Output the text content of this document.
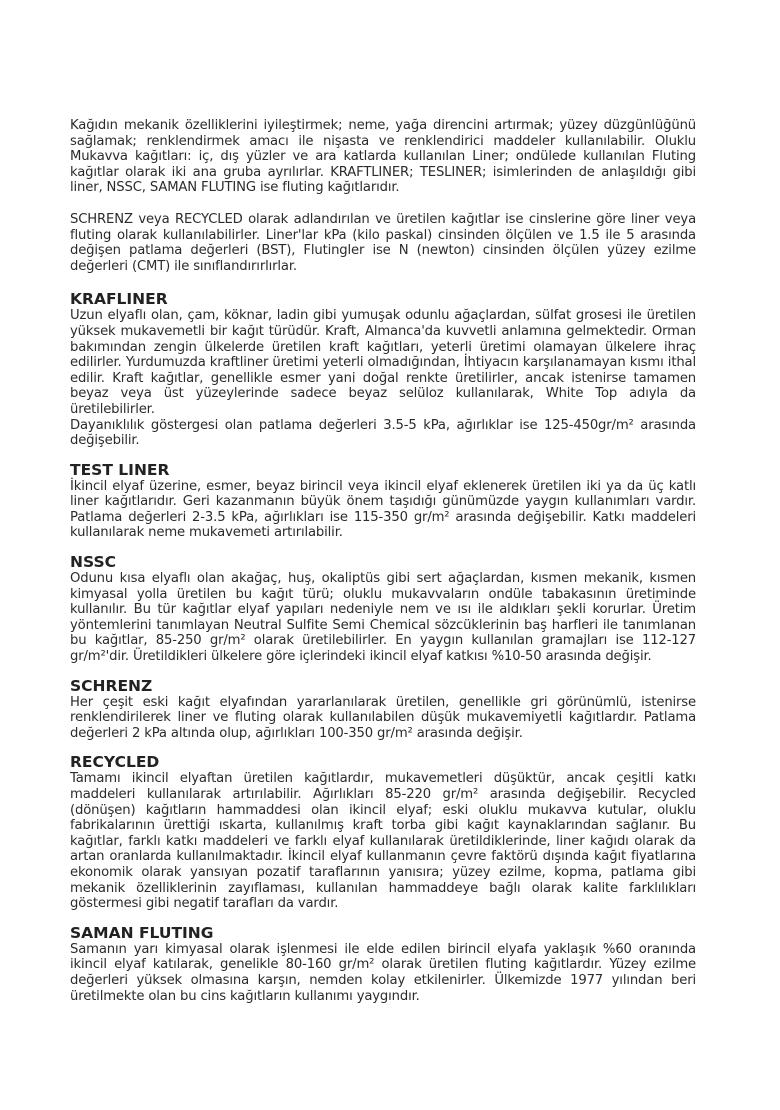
Kağıdın mekanik özelliklerini iyileştirmek; neme, yağa direncini artırmak; yüzey düzgünlüğünü sağlamak; renklendirmek amacı ile nişasta ve renklendirici maddeler kullanılabilir. Oluklu Mukavva kağıtları: iç, dış yüzler ve ara katlarda kullanılan Liner; ondülede kullanılan Fluting kağıtlar olarak iki ana gruba ayrılırlar. KRAFTLINER; TESLINER; isimlerinden de anlaşıldığı gibi liner, NSSC, SAMAN FLUTING ise fluting kağıtlarıdır.

SCHRENZ veya RECYCLED olarak adlandırılan ve üretilen kağıtlar ise cinslerine göre liner veya fluting olarak kullanılabilirler. Liner'lar kPa (kilo paskal) cinsinden ölçülen ve 1.5 ile 5 arasında değişen patlama değerleri (BST), Flutingler ise N (newton) cinsinden ölçülen yüzey ezilme değerleri (CMT) ile sınıflandırırlırlar.

KRAFLINER

Uzun elyaflı olan, çam, köknar, ladin gibi yumuşak odunlu ağaçlardan, sülfat grosesi ile üretilen yüksek mukavemetli bir kağıt türüdür. Kraft, Almanca'da kuvvetli anlamına gelmektedir. Orman bakımından zengin ülkelerde üretilen kraft kağıtları, yeterli üretimi olamayan ülkelere ihraç edilirler. Yurdumuzda kraftliner üretimi yeterli olmadığından, İhtiyacın karşılanamayan kısmı ithal edilir. Kraft kağıtlar, genellikle esmer yani doğal renkte üretilirler, ancak istenirse tamamen beyaz veya üst yüzeylerinde sadece beyaz selüloz kullanılarak, White Top adıyla da üretilebilirler.
Dayanıklılık göstergesi olan patlama değerleri 3.5-5 kPa, ağırlıklar ise 125-450gr/m² arasında değişebilir.

TEST LINER

İkincil elyaf üzerine, esmer, beyaz birincil veya ikincil elyaf eklenerek üretilen iki ya da üç katlı liner kağıtlarıdır. Geri kazanmanın büyük önem taşıdığı günümüzde yaygın kullanımları vardır. Patlama değerleri 2-3.5 kPa, ağırlıkları ise 115-350 gr/m² arasında değişebilir. Katkı maddeleri kullanılarak neme mukavemeti artırılabilir.

NSSC

Odunu kısa elyaflı olan akağaç, huş, okaliptüs gibi sert ağaçlardan, kısmen mekanik, kısmen kimyasal yolla üretilen bu kağıt türü; oluklu mukavvaların ondüle tabakasının üretiminde kullanılır. Bu tür kağıtlar elyaf yapıları nedeniyle nem ve ısı ile aldıkları şekli korurlar. Üretim yöntemlerini tanımlayan Neutral Sulfite Semi Chemical sözcüklerinin baş harfleri ile tanımlanan bu kağıtlar, 85-250 gr/m² olarak üretilebilirler. En yaygın kullanılan gramajları ise 112-127 gr/m²'dir. Üretildikleri ülkelere göre içlerindeki ikincil elyaf katkısı %10-50 arasında değişir.

SCHRENZ

Her çeşit eski kağıt elyafından yararlanılarak üretilen, genellikle gri görünümlü, istenirse renklendirilerek liner ve fluting olarak kullanılabilen düşük mukavemiyetli kağıtlardır. Patlama değerleri 2 kPa altında olup, ağırlıkları 100-350 gr/m² arasında değişir.

RECYCLED

Tamamı ikincil elyaftan üretilen kağıtlardır, mukavemetleri düşüktür, ancak çeşitli katkı maddeleri kullanılarak artırılabilir. Ağırlıkları 85-220 gr/m² arasında değişebilir. Recycled (dönüşen) kağıtların hammaddesi olan ikincil elyaf; eski oluklu mukavva kutular, oluklu fabrikalarının ürettiği ıskarta, kullanılmış kraft torba gibi kağıt kaynaklarından sağlanır. Bu kağıtlar, farklı katkı maddeleri ve farklı elyaf kullanılarak üretildiklerinde, liner kağıdı olarak da artan oranlarda kullanılmaktadır. İkincil elyaf kullanmanın çevre faktörü dışında kağıt fiyatlarına ekonomik olarak yansıyan pozatif taraflarının yanısıra; yüzey ezilme, kopma, patlama gibi mekanik özelliklerinin zayıflaması, kullanılan hammaddeye bağlı olarak kalite farklılıkları göstermesi gibi negatif tarafları da vardır.

SAMAN FLUTING

Samanın yarı kimyasal olarak işlenmesi ile elde edilen birincil elyafa yaklaşık %60 oranında ikincil elyaf katılarak, genelikle 80-160 gr/m² olarak üretilen fluting kağıtlardır. Yüzey ezilme değerleri yüksek olmasına karşın, nemden kolay etkilenirler. Ülkemizde 1977 yılından beri üretilmekte olan bu cins kağıtların kullanımı yaygındır.
